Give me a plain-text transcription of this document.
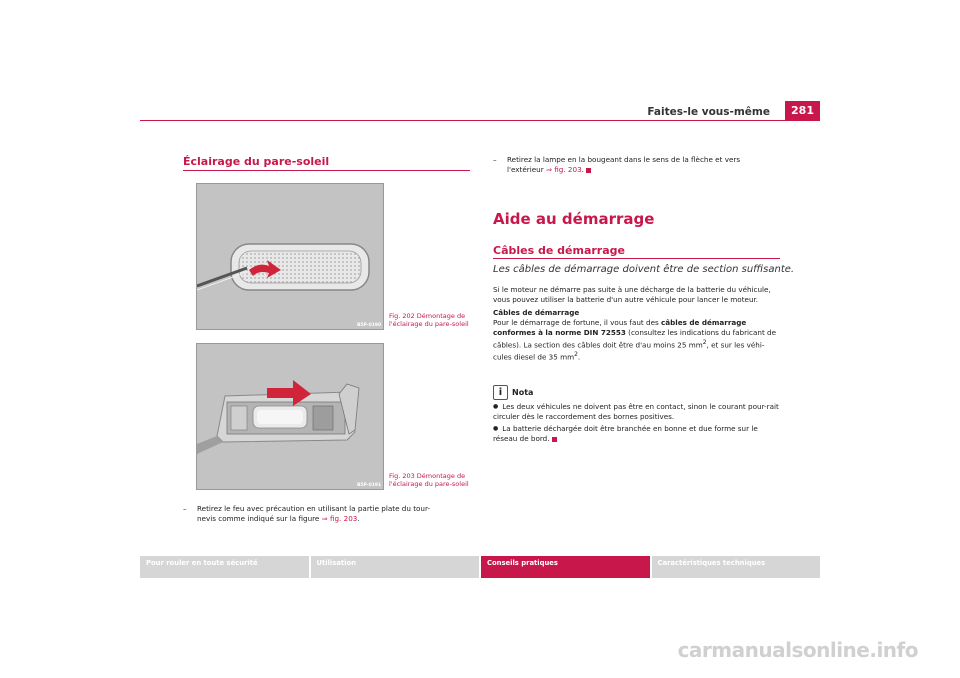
Faites-le vous-même	281
Éclairage du pare-soleil
B5P-0190
Fig. 202 Démontage de l'éclairage du pare-soleil
B5P-0191
Fig. 203 Démontage de l'éclairage du pare-soleil
– Retirez le feu avec précaution en utilisant la partie plate du tour-
nevis comme indiqué sur la figure ⇒ fig. 203.
– Retirez la lampe en la bougeant dans le sens de la flèche et vers
l'extérieur ⇒ fig. 203.
Aide au démarrage
Câbles de démarrage
Les câbles de démarrage doivent être de section suffisante.
Si le moteur ne démarre pas suite à une décharge de la batterie du véhicule, vous pouvez utiliser la batterie d'un autre véhicule pour lancer le moteur.
Câbles de démarrage
Pour le démarrage de fortune, il vous faut des câbles de démarrage conformes à la norme DIN 72553 (consultez les indications du fabricant de câbles). La section des câbles doit être d'au moins 25 $mm^2$, et sur les véhi-cules diesel de 35 $mm^2$.
i	Nota
● Les deux véhicules ne doivent pas être en contact, sinon le courant pour-rait circuler dès le raccordement des bornes positives.
● La batterie déchargée doit être branchée en bonne et due forme sur le réseau de bord.
Pour rouler en toute sécurité	Utilisation	Conseils pratiques	Caractéristiques techniques
carmanualsonline.info
